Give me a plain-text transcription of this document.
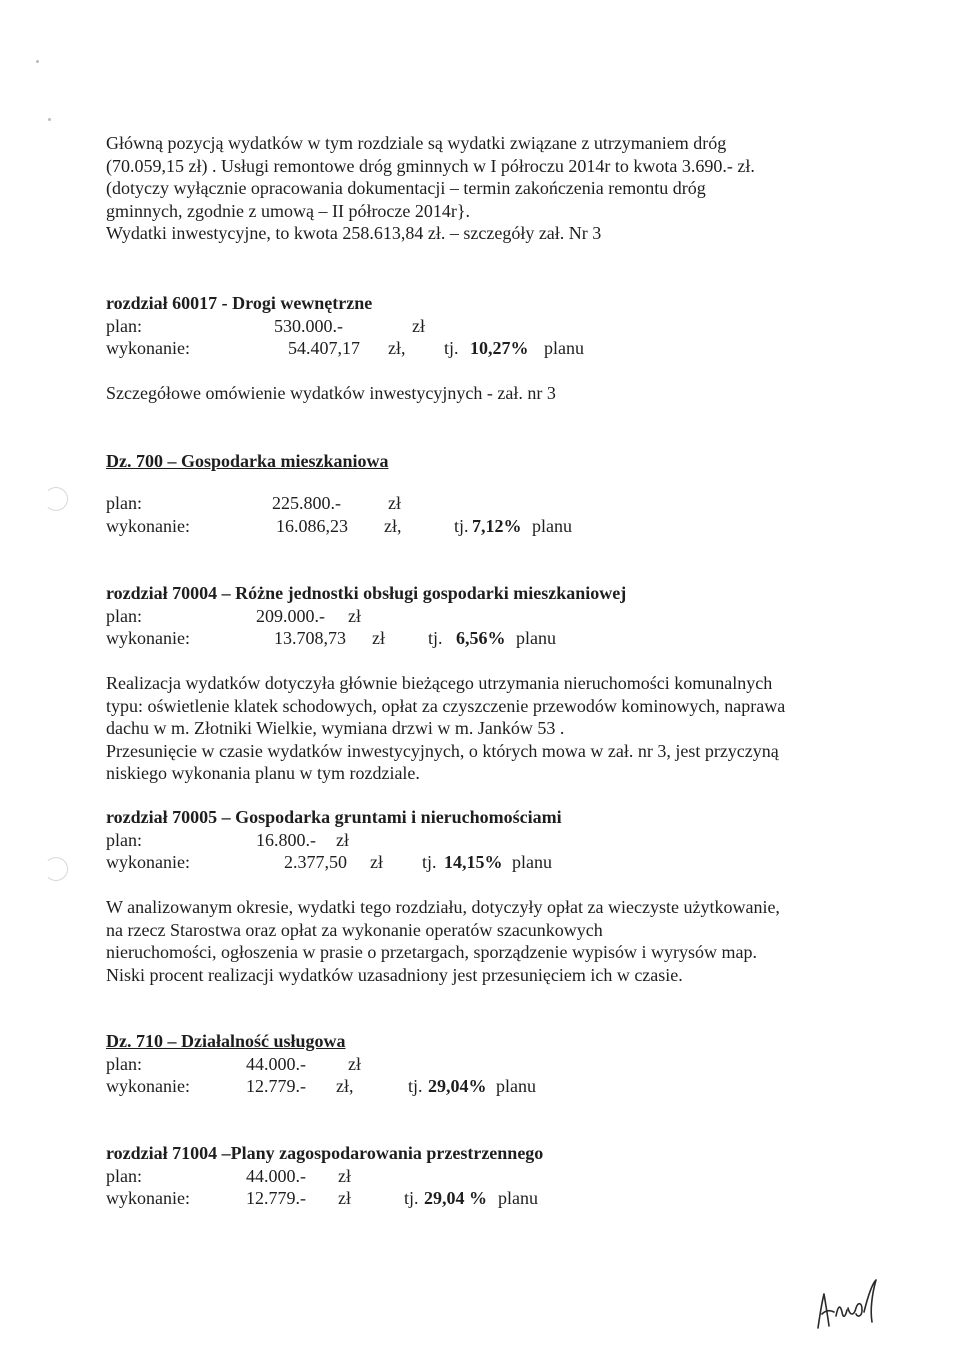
Główną pozycją wydatków w tym rozdziale są wydatki związane z utrzymaniem dróg
(70.059,15 zł) . Usługi remontowe dróg gminnych w I półroczu 2014r to kwota 3.690.- zł.
(dotyczy wyłącznie opracowania dokumentacji – termin zakończenia remontu dróg
gminnych, zgodnie z umową – II półrocze 2014r}.
Wydatki inwestycyjne, to kwota 258.613,84 zł. – szczegóły zał. Nr 3
rozdział 60017 - Drogi wewnętrzne
plan:	530.000.-	zł
wykonanie:	54.407,17 zł, tj. 10,27% planu
Szczegółowe omówienie wydatków inwestycyjnych - zał. nr 3
Dz. 700 – Gospodarka mieszkaniowa
plan:	225.800.-	zł
wykonanie:	16.086,23 zł,	tj. 7,12% planu
rozdział 70004 – Różne jednostki obsługi gospodarki mieszkaniowej
plan:	209.000.- zł
wykonanie:	13.708,73 zł tj. 6,56% planu
Realizacja wydatków dotyczyła głównie bieżącego utrzymania nieruchomości komunalnych
typu: oświetlenie klatek schodowych, opłat za czyszczenie przewodów kominowych, naprawa
dachu w m. Złotniki Wielkie, wymiana drzwi w m. Janków 53 .
Przesunięcie w czasie wydatków inwestycyjnych, o których mowa w zał. nr 3, jest przyczyną
niskiego wykonania planu w tym rozdziale.
rozdział 70005 – Gospodarka gruntami i nieruchomościami
plan:	16.800.- zł
wykonanie:	2.377,50 zł tj. 14,15% planu
W analizowanym okresie, wydatki tego rozdziału, dotyczyły opłat za wieczyste użytkowanie,
na rzecz Starostwa oraz opłat za wykonanie operatów szacunkowych
nieruchomości, ogłoszenia w prasie o przetargach, sporządzenie wypisów i wyrysów map.
Niski procent realizacji wydatków uzasadniony jest przesunięciem ich w czasie.
Dz. 710 – Działalność usługowa
plan:	44.000.- zł
wykonanie:	12.779.- zł,	tj. 29,04% planu
rozdział 71004 –Plany zagospodarowania przestrzennego
plan:	44.000.- zł
wykonanie:	12.779.- zł	tj. 29,04 % planu
